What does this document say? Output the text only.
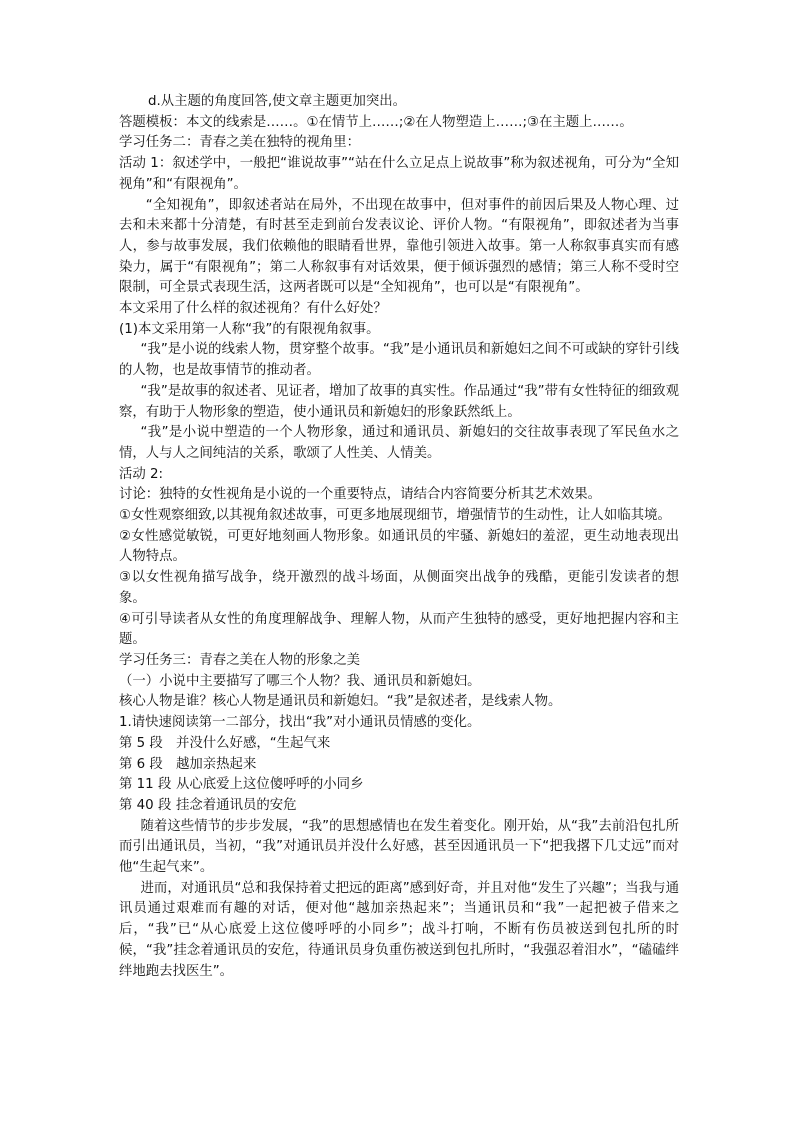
d.从主题的角度回答,使文章主题更加突出。
答题模板：本文的线索是……。①在情节上……;②在人物塑造上……;③在主题上……。
学习任务二：青春之美在独特的视角里：
活动 1：叙述学中，一般把“谁说故事”“站在什么立足点上说故事”称为叙述视角，可分为“全知视角”和“有限视角”。
“全知视角”，即叙述者站在局外，不出现在故事中，但对事件的前因后果及人物心理、过去和未来都十分清楚，有时甚至走到前台发表议论、评价人物。“有限视角”，即叙述者为当事人，参与故事发展，我们依赖他的眼睛看世界，靠他引领进入故事。第一人称叙事真实而有感染力，属于“有限视角”；第二人称叙事有对话效果，便于倾诉强烈的感情；第三人称不受时空限制，可全景式表现生活，这两者既可以是“全知视角”，也可以是“有限视角”。
本文采用了什么样的叙述视角？有什么好处？
(1)本文采用第一人称“我”的有限视角叙事。
“我”是小说的线索人物，贯穿整个故事。“我”是小通讯员和新媳妇之间不可或缺的穿针引线的人物，也是故事情节的推动者。
“我”是故事的叙述者、见证者，增加了故事的真实性。作品通过“我”带有女性特征的细致观察，有助于人物形象的塑造，使小通讯员和新媳妇的形象跃然纸上。
“我”是小说中塑造的一个人物形象，通过和通讯员、新媳妇的交往故事表现了军民鱼水之情，人与人之间纯洁的关系，歌颂了人性美、人情美。
活动 2:
讨论：独特的女性视角是小说的一个重要特点，请结合内容简要分析其艺术效果。
①女性观察细致,以其视角叙述故事，可更多地展现细节，增强情节的生动性，让人如临其境。
②女性感觉敏锐，可更好地刻画人物形象。如通讯员的牢骚、新媳妇的羞涩，更生动地表现出人物特点。
③以女性视角描写战争，绕开激烈的战斗场面，从侧面突出战争的残酷，更能引发读者的想象。
④可引导读者从女性的角度理解战争、理解人物，从而产生独特的感受，更好地把握内容和主题。
学习任务三：青春之美在人物的形象之美
（一）小说中主要描写了哪三个人物？我、通讯员和新媳妇。
核心人物是谁？核心人物是通讯员和新媳妇。“我”是叙述者，是线索人物。
1.请快速阅读第一二部分，找出“我”对小通讯员情感的变化。
第 5 段 并没什么好感，“生起气来
第 6 段 越加亲热起来
第 11 段 从心底爱上这位傻呼呼的小同乡
第 40 段 挂念着通讯员的安危
随着这些情节的步步发展，“我”的思想感情也在发生着变化。刚开始，从“我”去前沿包扎所而引出通讯员，当初，“我”对通讯员并没什么好感，甚至因通讯员一下“把我撂下几丈远”而对他“生起气来”。
进而，对通讯员“总和我保持着丈把远的距离”感到好奇，并且对他“发生了兴趣”；当我与通讯员通过艰难而有趣的对话，便对他“越加亲热起来”；当通讯员和“我”一起把被子借来之后，“我”已“从心底爱上这位傻呼呼的小同乡”；战斗打响，不断有伤员被送到包扎所的时候，“我”挂念着通讯员的安危，待通讯员身负重伤被送到包扎所时，“我强忍着泪水”，“磕磕绊绊地跑去找医生”。
